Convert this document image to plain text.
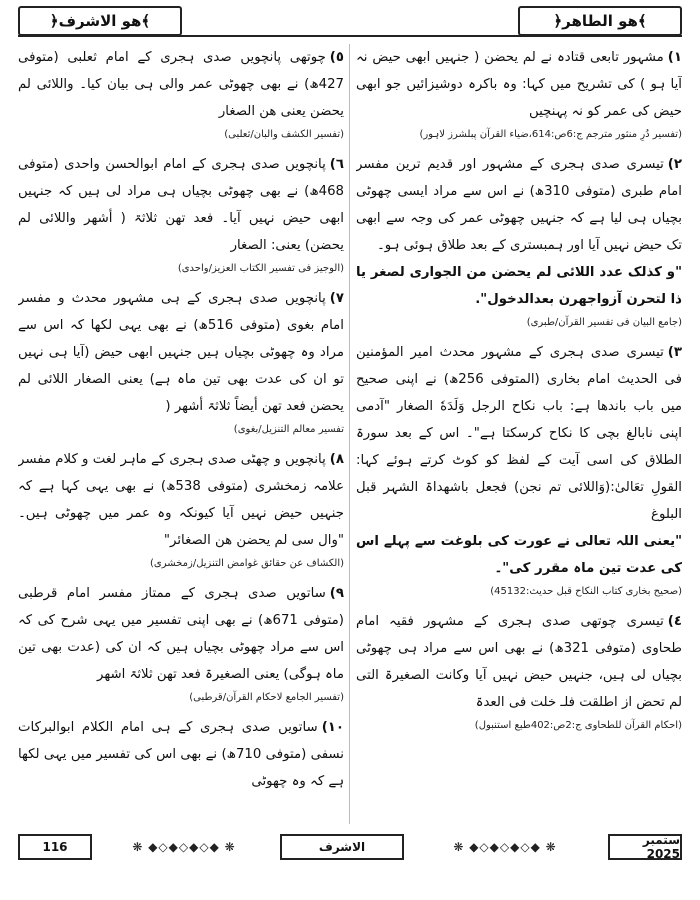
﴾ھو الاشرف﴿	﴾ھو الطاھر﴿
١)مشہور تابعی قتادہ نے لم یحضن ( جنہیں ابھی حیض نہ آیا ہو ) کی تشریح میں کہا: وہ باکرہ دوشیزائیں جو ابھی حیض کی عمر کو نہ پہنچیں
(تفسیر دُرِ منثور مترجم ج:6ص:614،ضیاء القرآن پبلشرز لاہور)
٢)تیسری صدی ہجری کے مشہور اور قدیم ترین مفسر امام طبری (متوفی 310ھ) نے اس سے مراد ایسی چھوٹی بچیاں ہی لیا ہے کہ جنہیں چھوٹی عمر کی وجہ سے ابھی تک حیض نہیں آیا اور ہمبستری کے بعد طلاق ہوئی ہو۔
"و کذلک عدد اللائی لم یحضن من الجواری لصغر یا ذا لتحرن آزواجھرن بعدالدخول".
(جامع البیان فی تفسیر القرآن/طبری)
٣)تیسری صدی ہجری کے مشہور محدث امیر المؤمنین فی الحدیث امام بخاری (المتوفی 256ھ) نے اپنی صحیح میں باب باندھا ہے: باب نکاح الرجل وَلَدَهٗ الصغار "آدمی اپنی نابالغ بچی کا نکاح کرسکتا ہے"۔ اس کے بعد سورۃ الطلاق کی اسی آیت کے لفظ کو کوٹ کرتے ہوئے کہا: القولِ تعَالیٰ:(وَاللائی تم نجن) فجعل باشھداۃ الشہر قبل البلوغ
"یعنی اللہ تعالی نے عورت کی بلوغت سے پہلے اس کی عدت تین ماہ مقرر کی"۔
(صحیح بخاری کتاب النکاح قبل حدیث:45132)
٤)تیسری چوتھی صدی ہجری کے مشہور فقیہ امام طحاوی (متوفی 321ھ) نے بھی اس سے مراد ہی چھوٹی بچیاں لی ہیں، جنہیں حیض نہیں آیا وکانت الصغیرۃ التی لم تحض از اطلقت فلـ خلت فی العدۃ
(احکام القرآن للطحاوی ج:2ص:402طبع استنبول)
٥)چوتھی پانچویں صدی ہجری کے امام ثعلبی (متوفی 427ھ) نے بھی چھوٹی عمر والی ہی بیان کیا۔ واللائی لم یحضن یعنی ھن الصغار
(تفسیر الکشف والبان/ثعلبی)
٦)پانچویں صدی ہجری کے امام ابوالحسن واحدی (متوفی 468ھ) نے بھی چھوٹی بچیاں ہی مراد لی ہیں کہ جنہیں ابھی حیض نہیں آیا۔ فعد تھن ثلاثۃ ( أشھر واللائی لم یحضن) یعنی: الصغار
(الوجیز فی تفسیر الکتاب العزیز/واحدی)
٧)پانچویں صدی ہجری کے ہی مشہور محدث و مفسر امام بغوی (متوفی 516ھ) نے بھی یہی لکھا کہ اس سے مراد وہ چھوٹی بچیاں ہیں جنہیں ابھی حیض (آیا ہی نہیں تو ان کی عدت بھی تین ماہ ہے) یعنی الصغار اللائی لم یحضن فعد تھن أیضاً ثلاثۃ أشھر (
تفسیر معالم التنزیل/بغوی)
٨)پانچویں و چھٹی صدی ہجری کے ماہر لغت و کلام مفسر علامہ زمخشری (متوفی 538ھ) نے بھی یہی کہا ہے کہ جنہیں حیض نہیں آیا کیونکہ وہ عمر میں چھوٹی ہیں۔ "وال سی لم یحضن ھن الصغائر"
(الکشاف عن حقائق غوامض التنزیل/زمخشری)
٩)ساتویں صدی ہجری کے ممتاز مفسر امام قرطبی (متوفی 671ھ) نے بھی اپنی تفسیر میں یہی شرح کی کہ اس سے مراد چھوٹی بچیاں ہیں کہ ان کی (عدت بھی تین ماہ ہوگی) یعنی الصغیرۃ فعد تھن ثلاثۃ اشھر
(تفسیر الجامع لاحکام القرآن/قرطبی)
١٠)ساتویں صدی ہجری کے ہی امام الکلام ابوالبرکات نسفی (متوفی 710ھ) نے بھی اس کی تفسیر میں یہی لکھا ہے کہ وہ چھوٹی
116	❋ ◆◇◆◇◆◇◆ ❋	الاشرف	❋ ◆◇◆◇◆◇◆ ❋	ستمبر 2025
